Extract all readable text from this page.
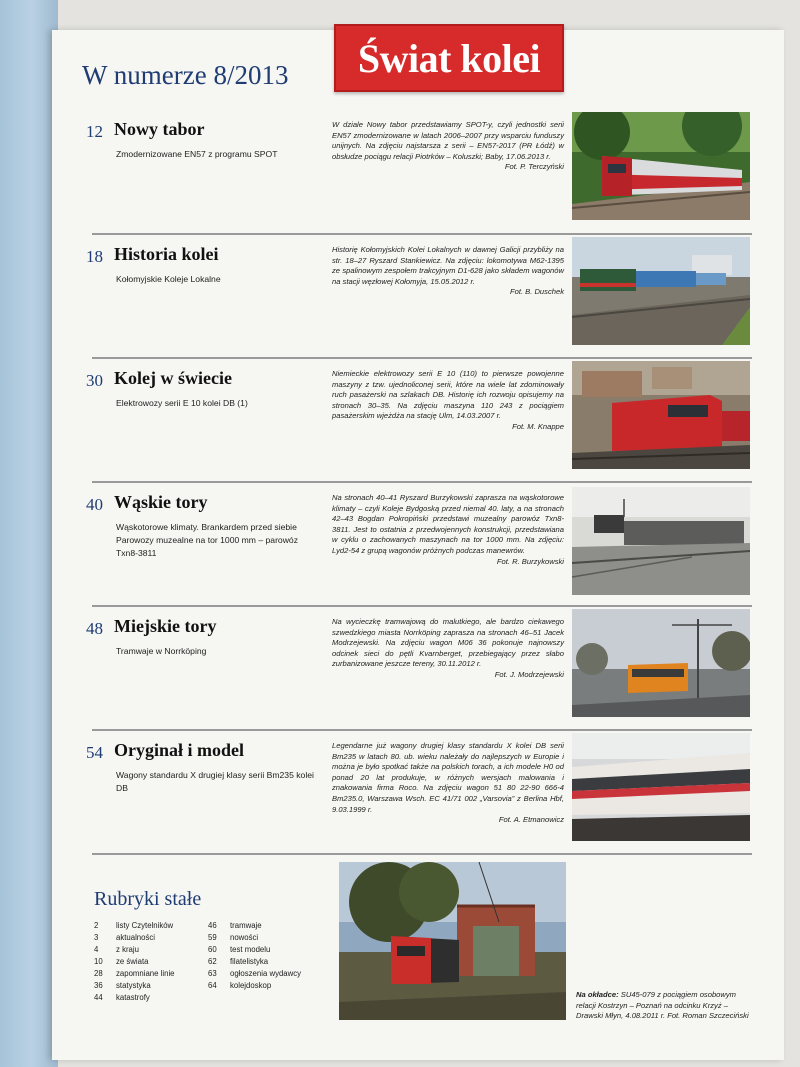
W numerze 8/2013 Świat kolei
12 Nowy tabor
Zmodernizowane EN57 z programu SPOT
W dziale Nowy tabor przedstawiamy SPOT-y, czyli jednostki serii EN57 zmodernizowane w latach 2006–2007 przy wsparciu funduszy unijnych. Na zdjęciu najstarsza z serii – EN57-2017 (PR Łódź) w obsłudze pociągu relacji Piotrków – Koluszki; Baby, 17.06.2013 r.
Fot. P. Terczyński
18 Historia kolei
Kołomyjskie Koleje Lokalne
Historię Kołomyjskich Kolei Lokalnych w dawnej Galicji przybliży na str. 18–27 Ryszard Stankiewicz. Na zdjęciu: lokomotywa M62-1395 ze spalinowym zespołem trakcyjnym D1-628 jako składem wagonów na stacji węzłowej Kołomyja, 15.05.2012 r.
Fot. B. Duschek
30 Kolej w świecie
Elektrowozy serii E 10 kolei DB (1)
Niemieckie elektrowozy serii E 10 (110) to pierwsze powojenne maszyny z tzw. ujednoliconej serii, które na wiele lat zdominowały ruch pasażerski na szlakach DB. Historię ich rozwoju opisujemy na stronach 30–35. Na zdjęciu maszyna 110 243 z pociągiem pasażerskim wjeżdża na stację Ulm, 14.03.2007 r.
Fot. M. Knappe
40 Wąskie tory
Wąskotorowe klimaty. Brankardem przed siebie Parowozy muzealne na tor 1000 mm – parowóz Txn8-3811
Na stronach 40–41 Ryszard Burzykowski zaprasza na wąskotorowe klimaty – czyli Koleje Bydgoską przed niemal 40. laty, a na stronach 42–43 Bogdan Pokropiński przedstawi muzealny parowóz Txn8-3811. Jest to ostatnia z przedwojennych konstrukcji, przedstawiana w cyklu o zachowanych maszynach na tor 1000 mm. Na zdjęciu: Lyd2-54 z grupą wagonów próżnych podczas manewrów.
Fot. R. Burzykowski
48 Miejskie tory
Tramwaje w Norrköping
Na wycieczkę tramwajową do malutkiego, ale bardzo ciekawego szwedzkiego miasta Norrköping zaprasza na stronach 46–51 Jacek Modrzejewski. Na zdjęciu wagon M06 36 pokonuje najnowszy odcinek sieci do pętli Kvarnberget, przebiegający przez słabo zurbanizowane jeszcze tereny, 30.11.2012 r.
Fot. J. Modrzejewski
54 Oryginał i model
Wagony standardu X drugiej klasy serii Bm235 kolei DB
Legendarne już wagony drugiej klasy standardu X kolei DB serii Bm235 w latach 80. ub. wieku należały do najlepszych w Europie i można je było spotkać także na polskich torach, a ich modele H0 od ponad 20 lat produkuje, w różnych wersjach malowania i znakowania firma Roco. Na zdjęciu wagon 51 80 22-90 666-4 Bm235.0, Warszawa Wsch. EC 41/71 002 „Varsovia” z Berlina Hbf, 9.03.1999 r.
Fot. A. Etmanowicz
Rubryki stałe
2	listy Czytelników
3	aktualności
4	z kraju
10	ze świata
28	zapomniane linie
36	statystyka
44	katastrofy
46	tramwaje
59	nowości
60	test modelu
62	filatelistyka
63	ogłoszenia wydawcy
64	kolejdoskop
Na okładce: SU45-079 z pociągiem osobowym relacji Kostrzyn – Poznań na odcinku Krzyż – Drawski Młyn, 4.08.2011 r. Fot. Roman Szczeciński
